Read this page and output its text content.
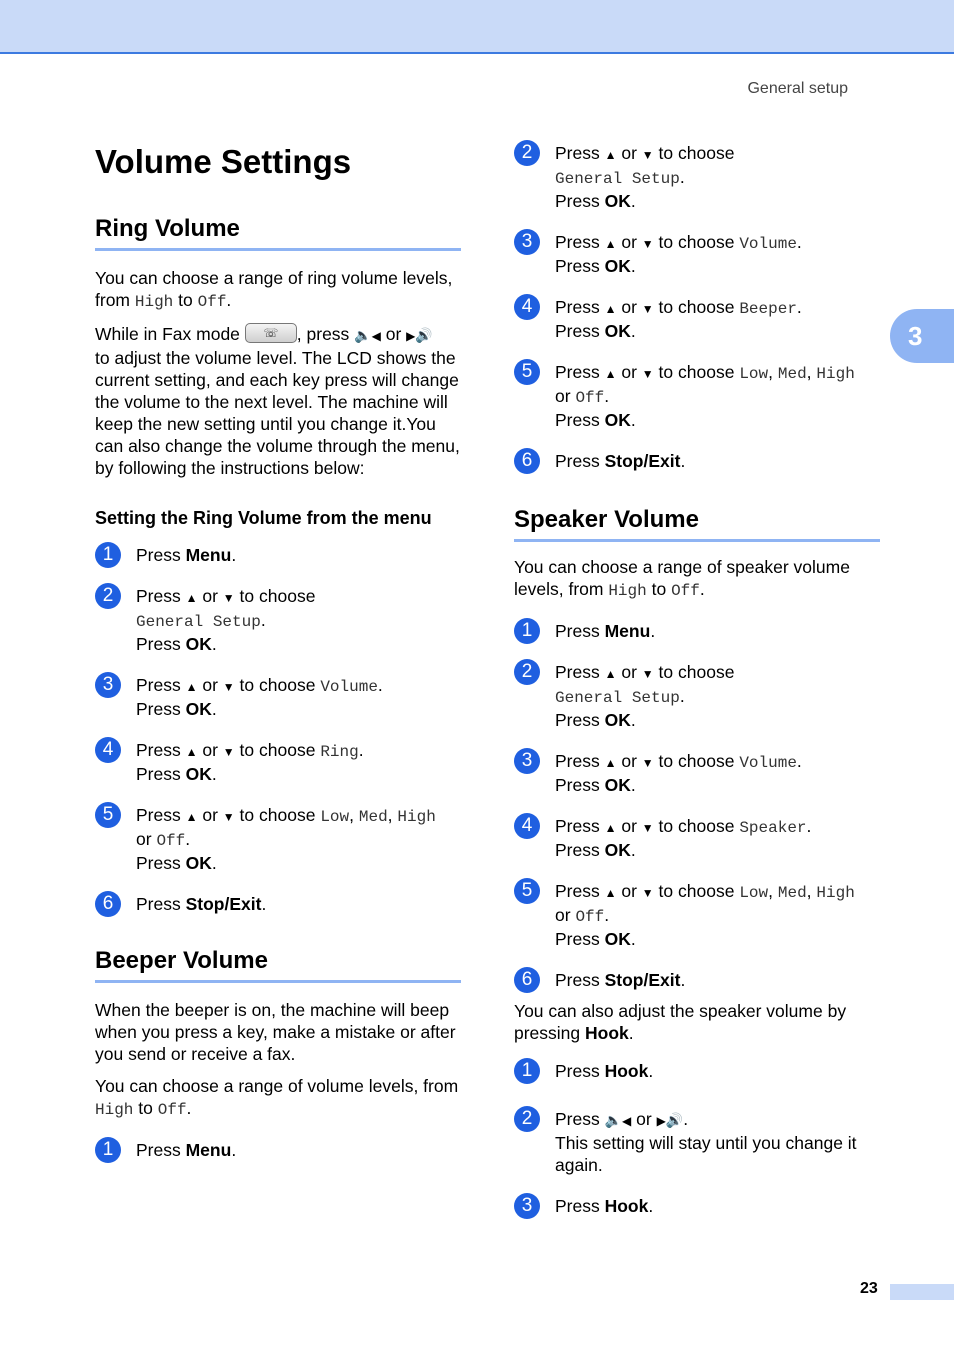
General setup
3
Volume Settings
Ring Volume

You can choose a range of ring volume levels, from High to Off.

While in Fax mode ☏ , press 🔈◀ or ▶🔊
to adjust the volume level. The LCD shows the current setting, and each key press will change the volume to the next level. The machine will keep the new setting until you change it.You can also change the volume through the menu, by following the instructions below:

Setting the Ring Volume from the menu
1	Press Menu.
2	Press ▲ or ▼ to choose
General Setup.
Press OK.
3	Press ▲ or ▼ to choose Volume.
Press OK.
4	Press ▲ or ▼ to choose Ring.
Press OK.
5	Press ▲ or ▼ to choose Low, Med, High
or Off.
Press OK.
6	Press Stop/Exit.
Beeper Volume

When the beeper is on, the machine will beep when you press a key, make a mistake or after you send or receive a fax.

You can choose a range of volume levels, from High to Off.

1	Press Menu.
2	Press ▲ or ▼ to choose
General Setup.
Press OK.
3	Press ▲ or ▼ to choose Volume.
Press OK.
4	Press ▲ or ▼ to choose Beeper.
Press OK.
5	Press ▲ or ▼ to choose Low, Med, High
or Off.
Press OK.
6	Press Stop/Exit.
Speaker Volume

You can choose a range of speaker volume levels, from High to Off.

1	Press Menu.
2	Press ▲ or ▼ to choose
General Setup.
Press OK.
3	Press ▲ or ▼ to choose Volume.
Press OK.
4	Press ▲ or ▼ to choose Speaker.
Press OK.
5	Press ▲ or ▼ to choose Low, Med, High
or Off.
Press OK.
6	Press Stop/Exit.

You can also adjust the speaker volume by pressing Hook.

1	Press Hook.
2	Press 🔈◀ or ▶🔊.
This setting will stay until you change it again.
3	Press Hook.
23
